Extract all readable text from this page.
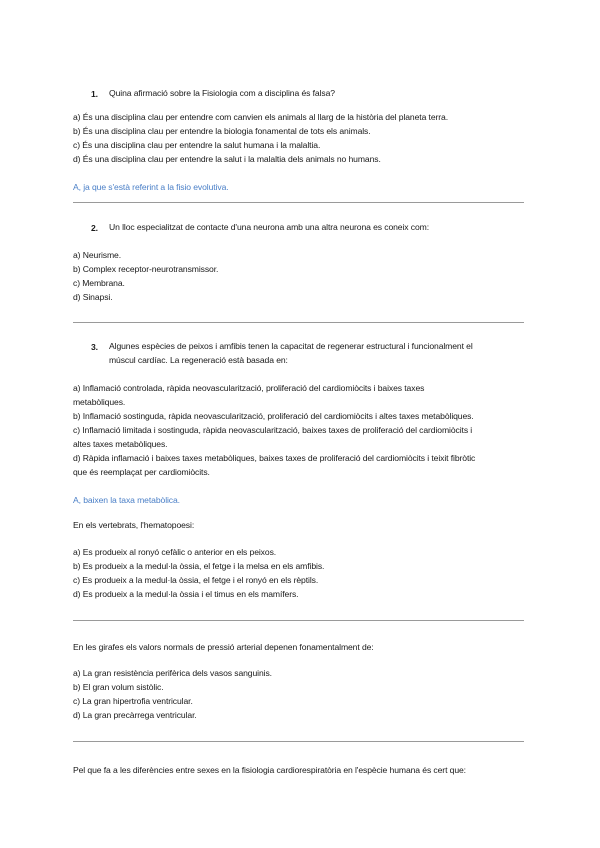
1. Quina afirmació sobre la Fisiologia com a disciplina és falsa?
a) És una disciplina clau per entendre com canvien els animals al llarg de la història del planeta terra.
b) És una disciplina clau per entendre la biologia fonamental de tots els animals.
c) És una disciplina clau per entendre la salut humana i la malaltia.
d) És una disciplina clau per entendre la salut i la malaltia dels animals no humans.
A, ja que s'està referint a la fisio evolutiva.
2. Un lloc especialitzat de contacte d'una neurona amb una altra neurona es coneix com:
a) Neurisme.
b) Complex receptor-neurotransmissor.
c) Membrana.
d) Sinapsi.
3. Algunes espècies de peixos i amfibis tenen la capacitat de regenerar estructural i funcionalment el
múscul cardíac. La regeneració està basada en:
a) Inflamació controlada, ràpida neovascularització, proliferació del cardiomiòcits i baixes taxes
metabòliques.
b) Inflamació sostinguda, ràpida neovascularització, proliferació del cardiomiòcits i altes taxes metabòliques.
c) Inflamació limitada i sostinguda, ràpida neovascularització, baixes taxes de proliferació del cardiomiòcits i
altes taxes metabòliques.
d) Ràpida inflamació i baixes taxes metabòliques, baixes taxes de proliferació del cardiomiòcits i teixit fibròtic
que és reemplaçat per cardiomiòcits.
A, baixen la taxa metabòlica.
En els vertebrats, l'hematopoesi:
a) Es produeix al ronyó cefàlic o anterior en els peixos.
b) Es produeix a la medul·la òssia, el fetge i la melsa en els amfibis.
c) Es produeix a la medul·la òssia, el fetge i el ronyó en els rèptils.
d) Es produeix a la medul·la òssia i el timus en els mamífers.
En les girafes els valors normals de pressió arterial depenen fonamentalment de:
a) La gran resistència perifèrica dels vasos sanguinis.
b) El gran volum sistòlic.
c) La gran hipertrofia ventricular.
d) La gran precàrrega ventricular.
Pel que fa a les diferències entre sexes en la fisiologia cardiorespiratòria en l'espècie humana és cert que:
